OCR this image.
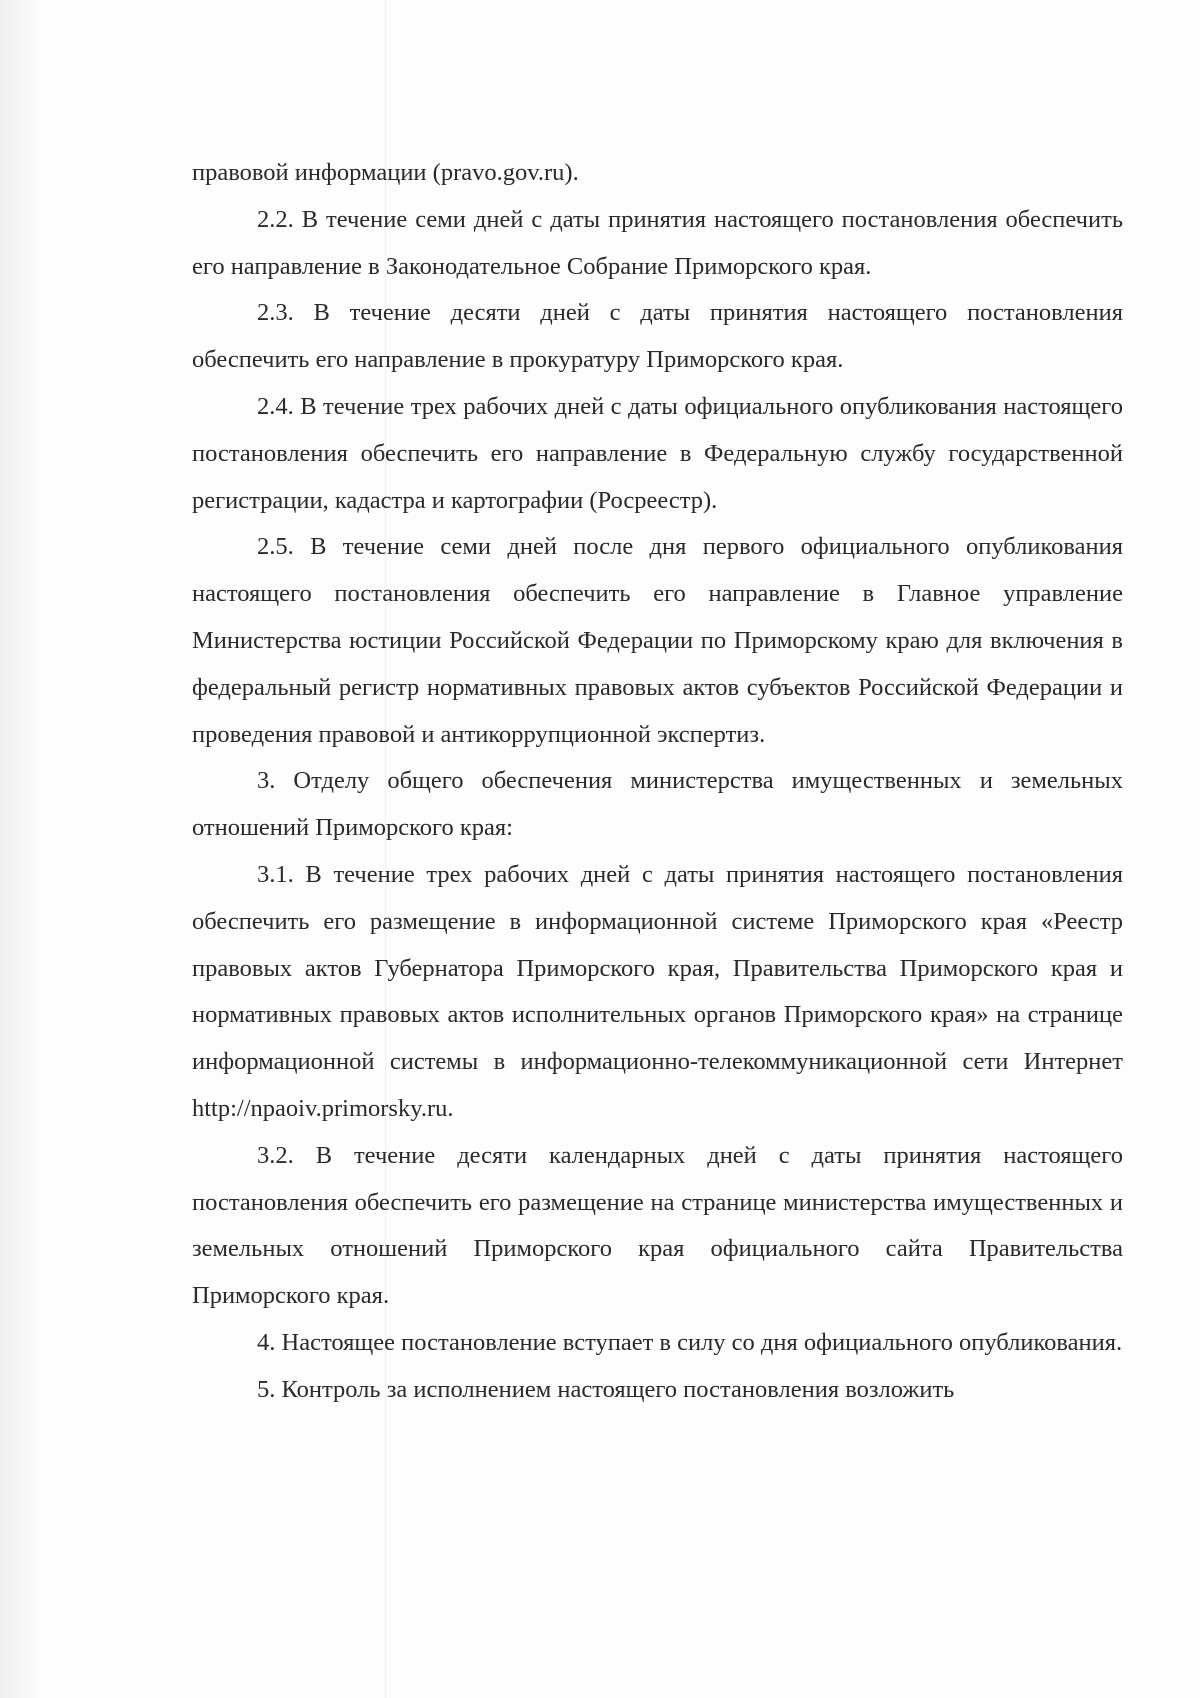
правовой информации (pravo.gov.ru).

2.2. В течение семи дней с даты принятия настоящего постановления обеспечить его направление в Законодательное Собрание Приморского края.

2.3. В течение десяти дней с даты принятия настоящего постановления обеспечить его направление в прокуратуру Приморского края.

2.4. В течение трех рабочих дней с даты официального опубликования настоящего постановления обеспечить его направление в Федеральную службу государственной регистрации, кадастра и картографии (Росреестр).

2.5. В течение семи дней после дня первого официального опубликования настоящего постановления обеспечить его направление в Главное управление Министерства юстиции Российской Федерации по Приморскому краю для включения в федеральный регистр нормативных правовых актов субъектов Российской Федерации и проведения правовой и антикоррупционной экспертиз.

3. Отделу общего обеспечения министерства имущественных и земельных отношений Приморского края:

3.1. В течение трех рабочих дней с даты принятия настоящего постановления обеспечить его размещение в информационной системе Приморского края «Реестр правовых актов Губернатора Приморского края, Правительства Приморского края и нормативных правовых актов исполнительных органов Приморского края» на странице информационной системы в информационно-телекоммуникационной сети Интернет http://npaoiv.primorsky.ru.

3.2. В течение десяти календарных дней с даты принятия настоящего постановления обеспечить его размещение на странице министерства имущественных и земельных отношений Приморского края официального сайта Правительства Приморского края.

4. Настоящее постановление вступает в силу со дня официального опубликования.

5. Контроль за исполнением настоящего постановления возложить
